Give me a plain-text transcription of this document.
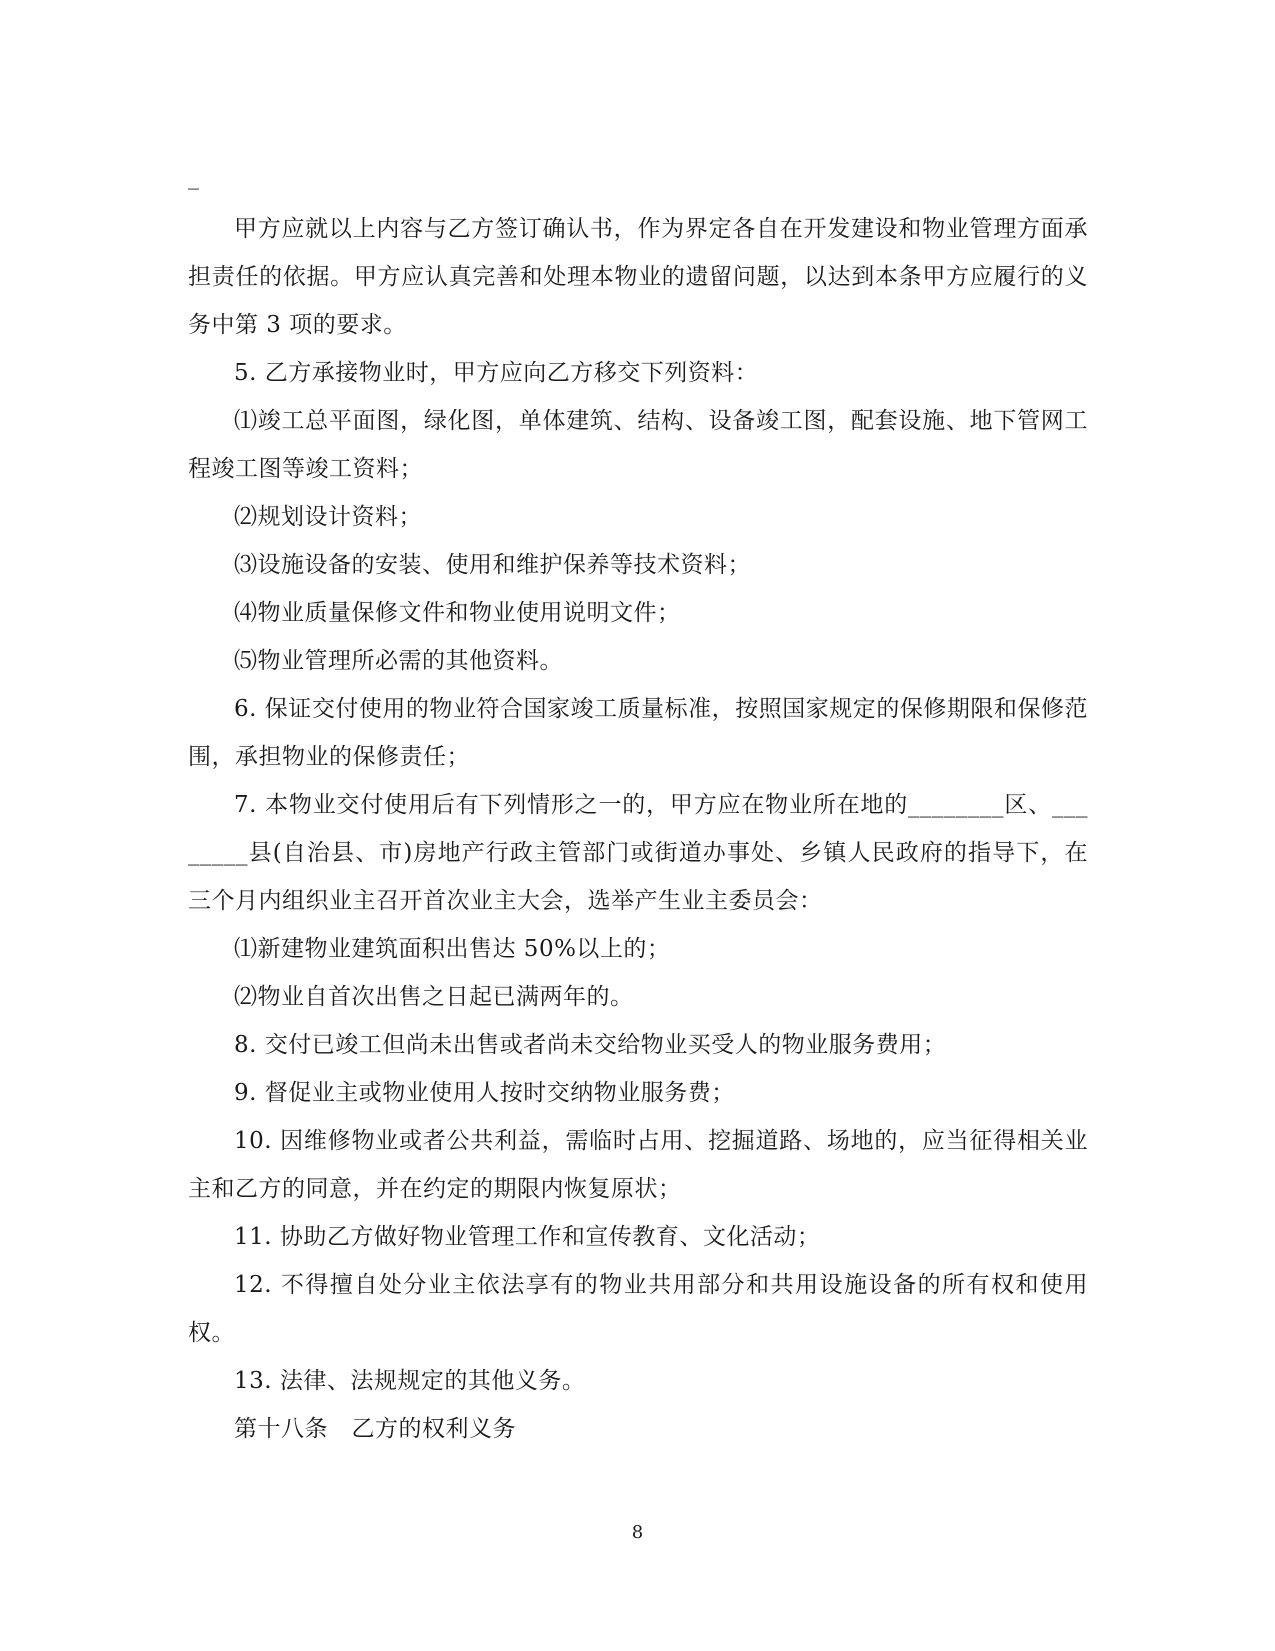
_

甲方应就以上内容与乙方签订确认书，作为界定各自在开发建设和物业管理方面承担责任的依据。甲方应认真完善和处理本物业的遗留问题，以达到本条甲方应履行的义务中第 3 项的要求。

5. 乙方承接物业时，甲方应向乙方移交下列资料：

⑴竣工总平面图，绿化图，单体建筑、结构、设备竣工图，配套设施、地下管网工程竣工图等竣工资料；

⑵规划设计资料；

⑶设施设备的安装、使用和维护保养等技术资料；

⑷物业质量保修文件和物业使用说明文件；

⑸物业管理所必需的其他资料。

6. 保证交付使用的物业符合国家竣工质量标准，按照国家规定的保修期限和保修范围，承担物业的保修责任；

7. 本物业交付使用后有下列情形之一的，甲方应在物业所在地的________区、________县(自治县、市)房地产行政主管部门或街道办事处、乡镇人民政府的指导下，在三个月内组织业主召开首次业主大会，选举产生业主委员会：

⑴新建物业建筑面积出售达 50%以上的；

⑵物业自首次出售之日起已满两年的。

8. 交付已竣工但尚未出售或者尚未交给物业买受人的物业服务费用；

9. 督促业主或物业使用人按时交纳物业服务费；

10. 因维修物业或者公共利益，需临时占用、挖掘道路、场地的，应当征得相关业主和乙方的同意，并在约定的期限内恢复原状；

11. 协助乙方做好物业管理工作和宣传教育、文化活动；

12. 不得擅自处分业主依法享有的物业共用部分和共用设施设备的所有权和使用权。

13. 法律、法规规定的其他义务。

第十八条　乙方的权利义务

8
